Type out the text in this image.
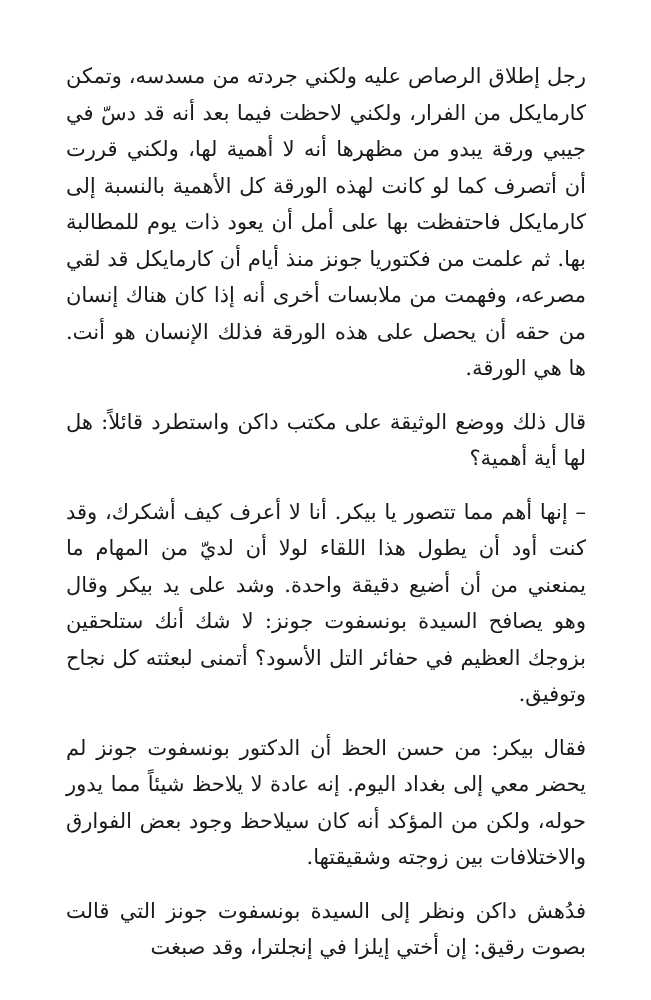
رجل إطلاق الرصاص عليه ولكني جردته من مسدسه، وتمكن كارمايكل من الفرار، ولكني لاحظت فيما بعد أنه قد دسّ في جيبي ورقة يبدو من مظهرها أنه لا أهمية لها، ولكني قررت أن أتصرف كما لو كانت لهذه الورقة كل الأهمية بالنسبة إلى كارمايكل فاحتفظت بها على أمل أن يعود ذات يوم للمطالبة بها. ثم علمت من فكتوريا جونز منذ أيام أن كارمايكل قد لقي مصرعه، وفهمت من ملابسات أخرى أنه إذا كان هناك إنسان من حقه أن يحصل على هذه الورقة فذلك الإنسان هو أنت. ها هي الورقة.

قال ذلك ووضع الوثيقة على مكتب داكن واستطرد قائلاً: هل لها أية أهمية؟

– إنها أهم مما تتصور يا بيكر. أنا لا أعرف كيف أشكرك، وقد كنت أود أن يطول هذا اللقاء لولا أن لديّ من المهام ما يمنعني من أن أضيع دقيقة واحدة. وشد على يد بيكر وقال وهو يصافح السيدة بونسفوت جونز: لا شك أنك ستلحقين بزوجك العظيم في حفائر التل الأسود؟ أتمنى لبعثته كل نجاح وتوفيق.

فقال بيكر: من حسن الحظ أن الدكتور بونسفوت جونز لم يحضر معي إلى بغداد اليوم. إنه عادة لا يلاحظ شيئاً مما يدور حوله، ولكن من المؤكد أنه كان سيلاحظ وجود بعض الفوارق والاختلافات بين زوجته وشقيقتها.

فدُهش داكن ونظر إلى السيدة بونسفوت جونز التي قالت بصوت رقيق: إن أختي إيلزا في إنجلترا، وقد صبغت
